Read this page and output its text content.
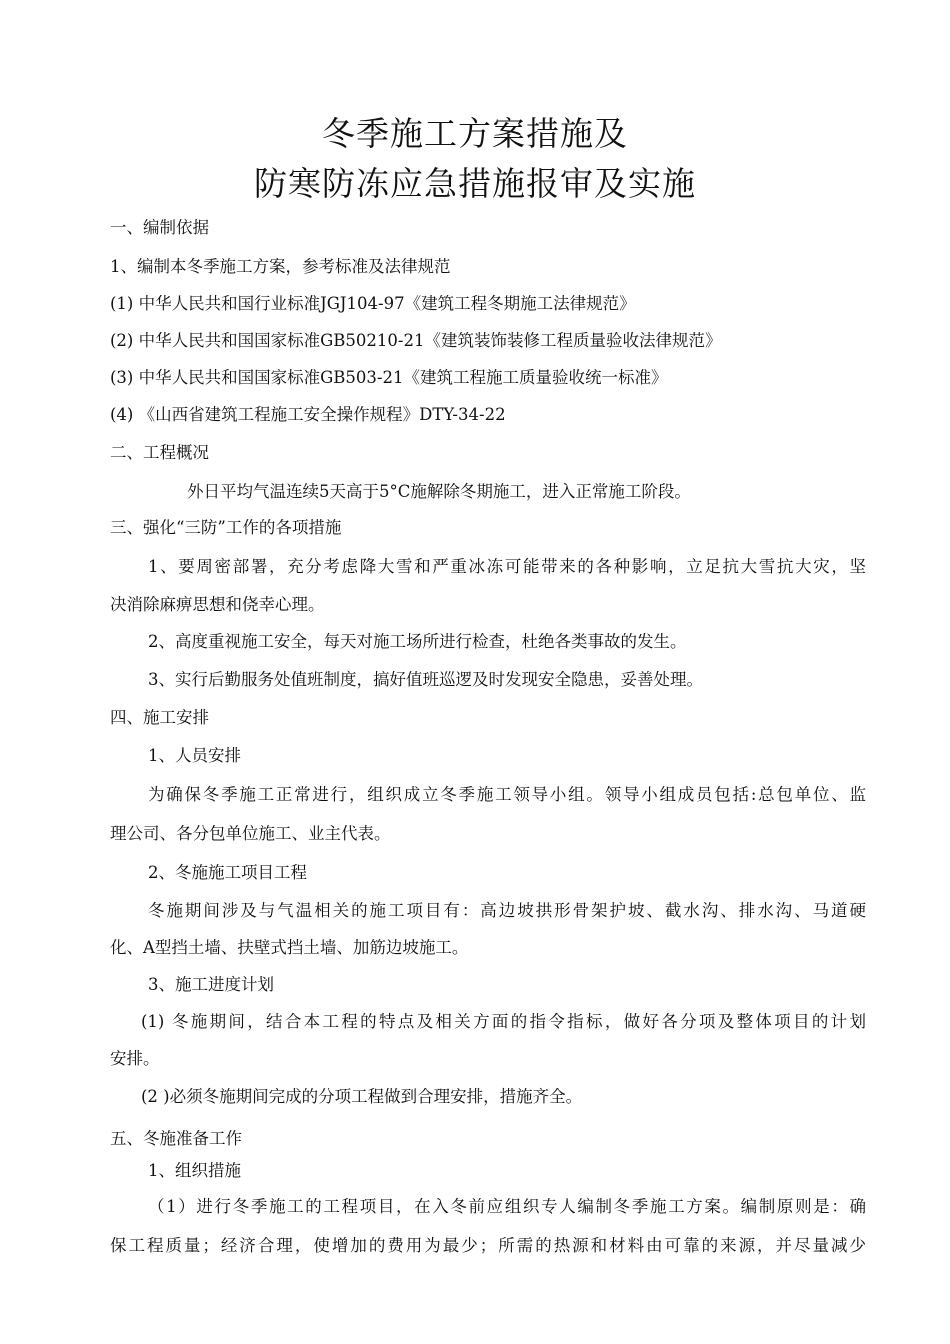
冬季施工方案措施及
防寒防冻应急措施报审及实施
一、编制依据
1、编制本冬季施工方案，参考标准及法律规范
(1) 中华人民共和国行业标准JGJ104-97《建筑工程冬期施工法律规范》
(2) 中华人民共和国国家标准GB50210-21《建筑装饰装修工程质量验收法律规范》
(3) 中华人民共和国国家标准GB503-21《建筑工程施工质量验收统一标准》
(4) 《山西省建筑工程施工安全操作规程》DTY-34-22
二、工程概况
外日平均气温连续5天高于5°C施解除冬期施工，进入正常施工阶段。
三、强化“三防”工作的各项措施
1、要周密部署，充分考虑降大雪和严重冰冻可能带来的各种影响，立足抗大雪抗大灾，坚
决消除麻痹思想和侥幸心理。
2、高度重视施工安全，每天对施工场所进行检查，杜绝各类事故的发生。
3、实行后勤服务处值班制度，搞好值班巡逻及时发现安全隐患，妥善处理。
四、施工安排
1、人员安排
为确保冬季施工正常进行，组织成立冬季施工领导小组。领导小组成员包括:总包单位、监
理公司、各分包单位施工、业主代表。
2、冬施施工项目工程
冬施期间涉及与气温相关的施工项目有：高边坡拱形骨架护坡、截水沟、排水沟、马道硬
化、A型挡土墙、扶壁式挡土墙、加筋边坡施工。
3、施工进度计划
(1) 冬施期间，结合本工程的特点及相关方面的指令指标，做好各分项及整体项目的计划
安排。
(2 )必须冬施期间完成的分项工程做到合理安排，措施齐全。
五、冬施准备工作
1、组织措施
（1）进行冬季施工的工程项目，在入冬前应组织专人编制冬季施工方案。编制原则是：确
保工程质量；经济合理，使增加的费用为最少；所需的热源和材料由可靠的来源，并尽量减少
